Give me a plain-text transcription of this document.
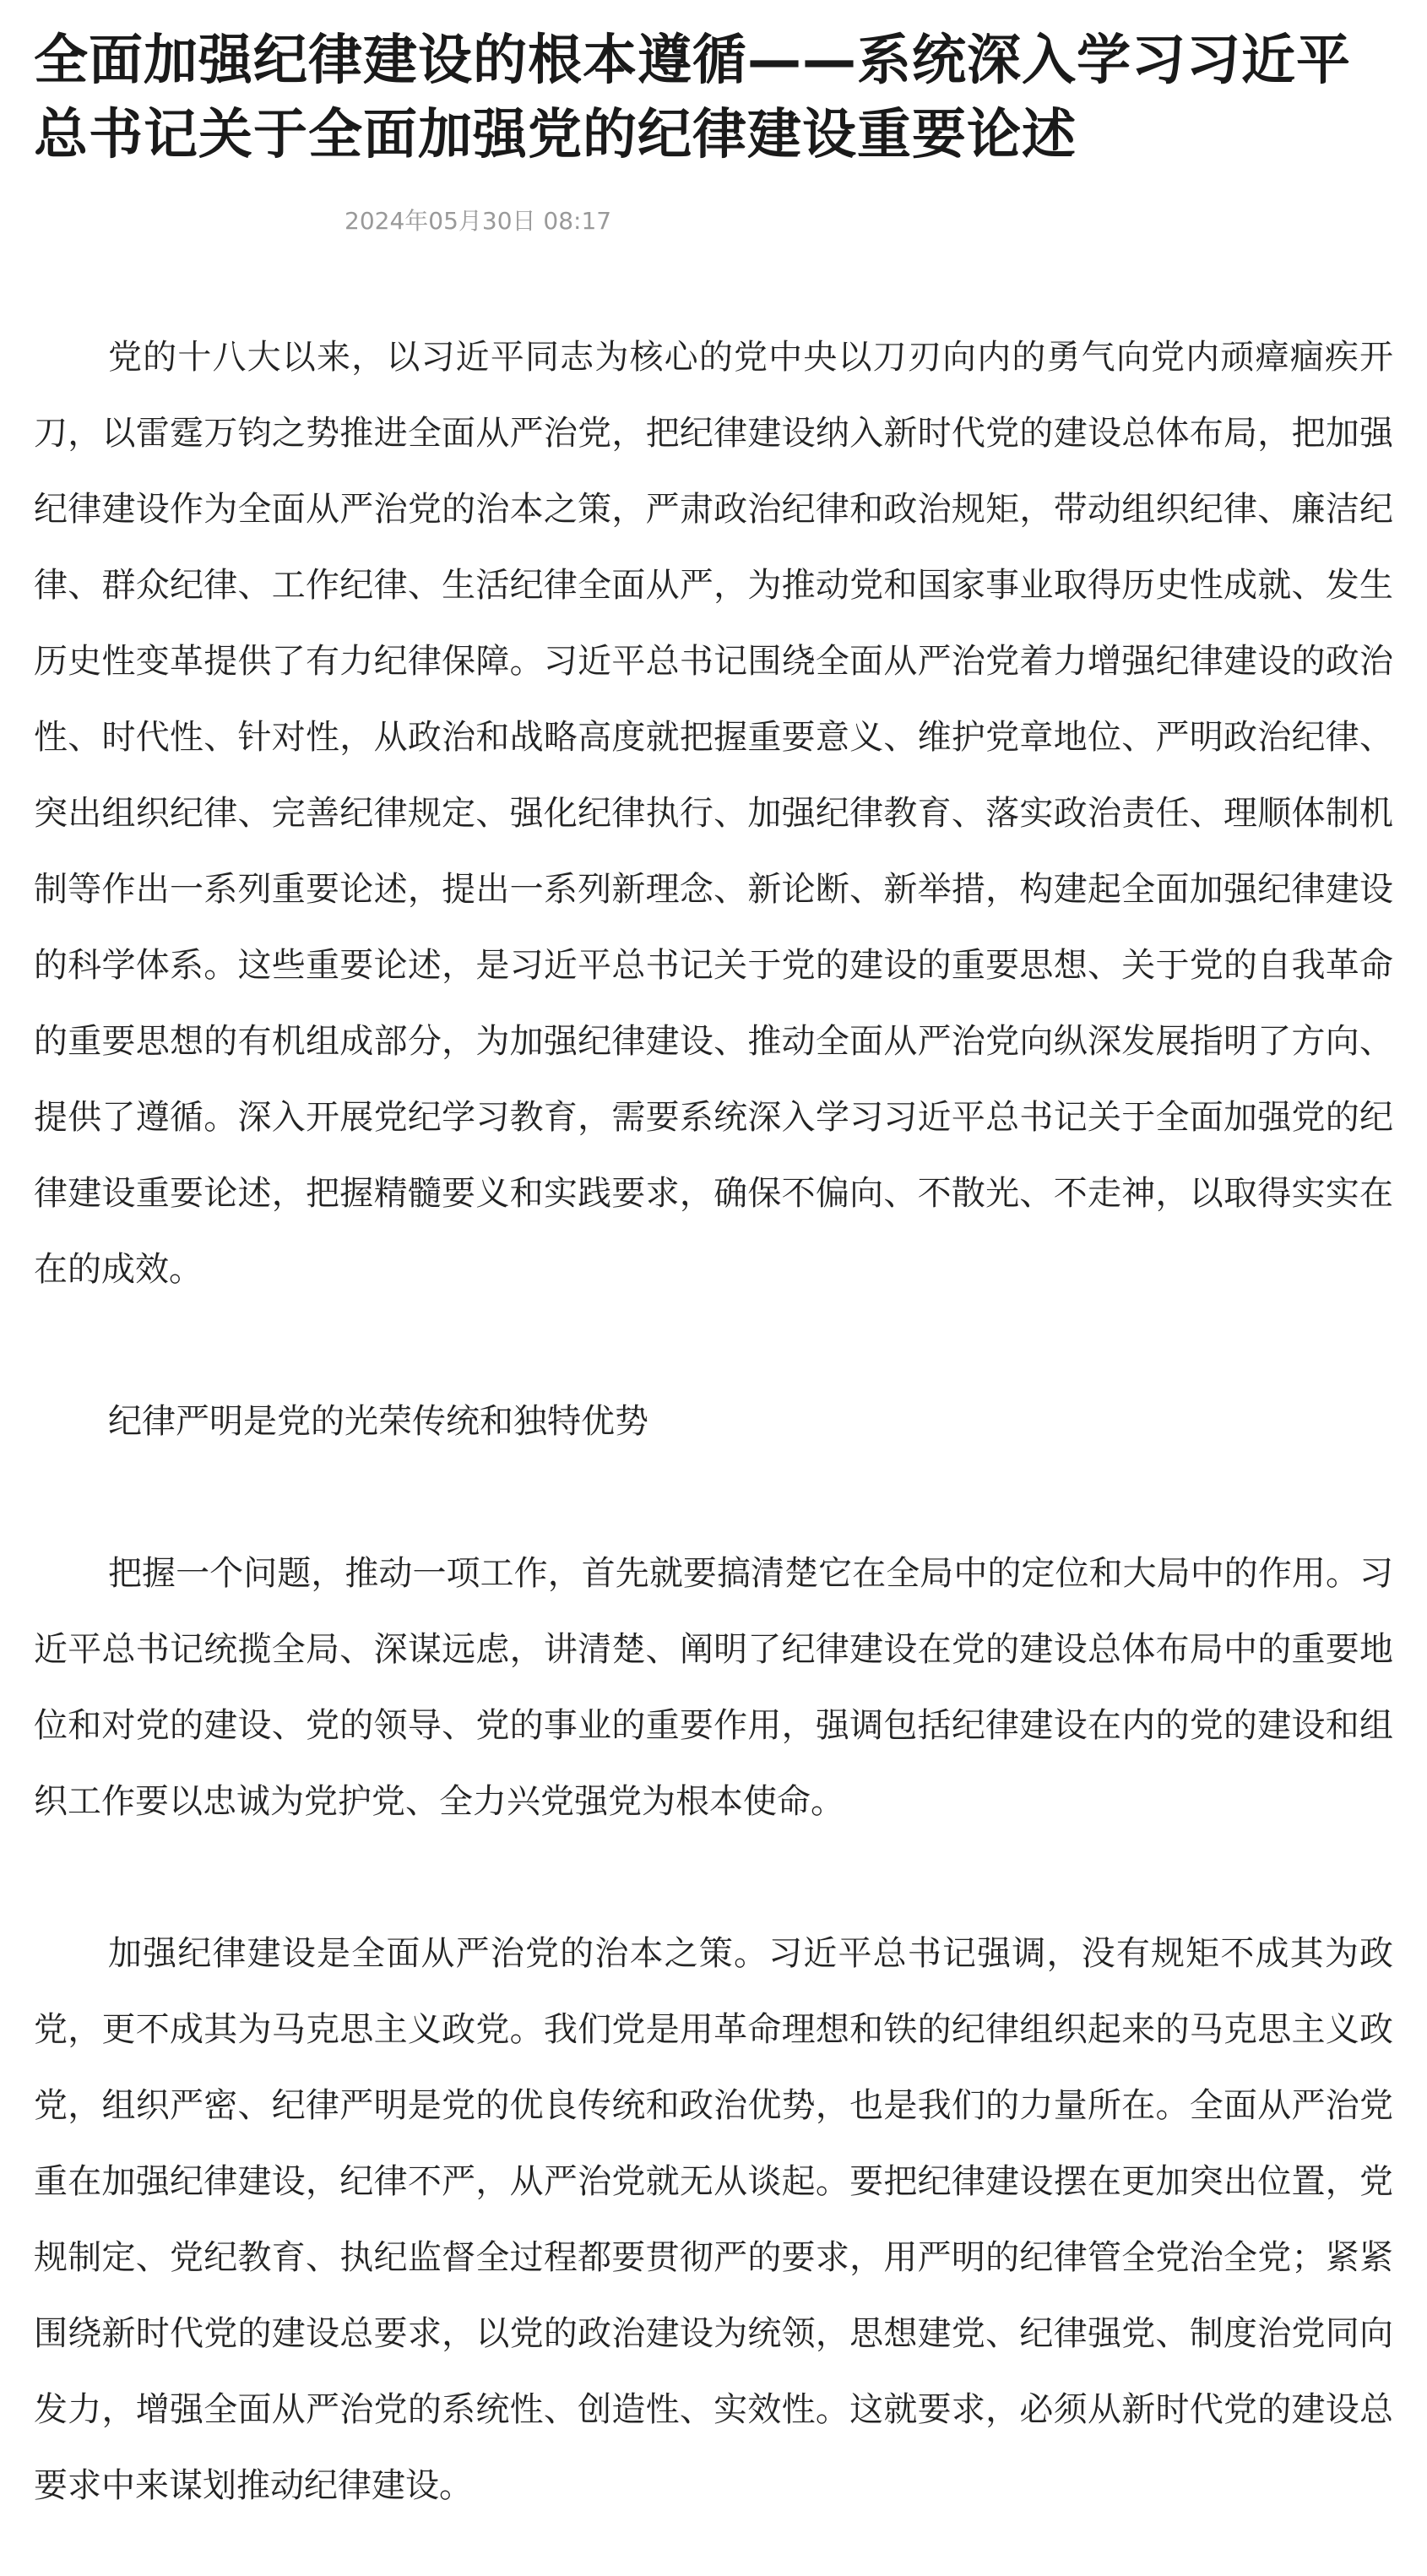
全面加强纪律建设的根本遵循——系统深入学习习近平总书记关于全面加强党的纪律建设重要论述
2024年05月30日 08:17

党的十八大以来，以习近平同志为核心的党中央以刀刃向内的勇气向党内顽瘴痼疾开刀，以雷霆万钧之势推进全面从严治党，把纪律建设纳入新时代党的建设总体布局，把加强纪律建设作为全面从严治党的治本之策，严肃政治纪律和政治规矩，带动组织纪律、廉洁纪律、群众纪律、工作纪律、生活纪律全面从严，为推动党和国家事业取得历史性成就、发生历史性变革提供了有力纪律保障。习近平总书记围绕全面从严治党着力增强纪律建设的政治性、时代性、针对性，从政治和战略高度就把握重要意义、维护党章地位、严明政治纪律、突出组织纪律、完善纪律规定、强化纪律执行、加强纪律教育、落实政治责任、理顺体制机制等作出一系列重要论述，提出一系列新理念、新论断、新举措，构建起全面加强纪律建设的科学体系。这些重要论述，是习近平总书记关于党的建设的重要思想、关于党的自我革命的重要思想的有机组成部分，为加强纪律建设、推动全面从严治党向纵深发展指明了方向、提供了遵循。深入开展党纪学习教育，需要系统深入学习习近平总书记关于全面加强党的纪律建设重要论述，把握精髓要义和实践要求，确保不偏向、不散光、不走神，以取得实实在在的成效。

纪律严明是党的光荣传统和独特优势

把握一个问题，推动一项工作，首先就要搞清楚它在全局中的定位和大局中的作用。习近平总书记统揽全局、深谋远虑，讲清楚、阐明了纪律建设在党的建设总体布局中的重要地位和对党的建设、党的领导、党的事业的重要作用，强调包括纪律建设在内的党的建设和组织工作要以忠诚为党护党、全力兴党强党为根本使命。

加强纪律建设是全面从严治党的治本之策。习近平总书记强调，没有规矩不成其为政党，更不成其为马克思主义政党。我们党是用革命理想和铁的纪律组织起来的马克思主义政党，组织严密、纪律严明是党的优良传统和政治优势，也是我们的力量所在。全面从严治党重在加强纪律建设，纪律不严，从严治党就无从谈起。要把纪律建设摆在更加突出位置，党规制定、党纪教育、执纪监督全过程都要贯彻严的要求，用严明的纪律管全党治全党；紧紧围绕新时代党的建设总要求，以党的政治建设为统领，思想建党、纪律强党、制度治党同向发力，增强全面从严治党的系统性、创造性、实效性。这就要求，必须从新时代党的建设总要求中来谋划推动纪律建设。
